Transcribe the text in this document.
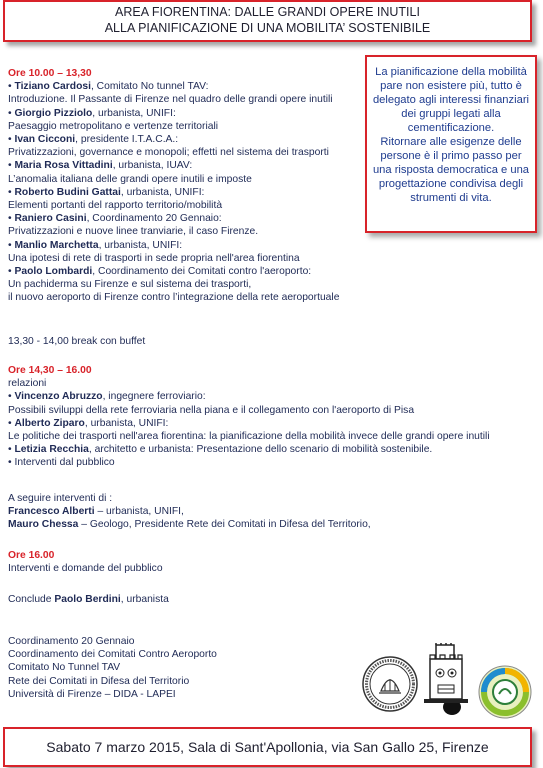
AREA FIORENTINA: DALLE GRANDI OPERE INUTILI
ALLA PIANIFICAZIONE DI UNA MOBILITA’ SOSTENIBILE

La pianificazione della mobilità pare non esistere più, tutto è delegato agli interessi finanziari dei gruppi legati alla cementificazione.

Ritornare alle esigenze delle persone è il primo passo per una risposta democratica e una progettazione condivisa degli strumenti di vita.

Ore 10.00 – 13,30
• Tiziano Cardosi, Comitato No tunnel TAV:
Introduzione. Il Passante di Firenze nel quadro delle grandi opere inutili
• Giorgio Pizziolo, urbanista, UNIFI:
Paesaggio metropolitano e vertenze territoriali
• Ivan Cicconi, presidente I.T.A.C.A.:
Privatizzazioni, governance e monopoli; effetti nel sistema dei trasporti
• Maria Rosa Vittadini, urbanista, IUAV:
L’anomalia italiana delle grandi opere inutili e imposte
• Roberto Budini Gattai, urbanista, UNIFI:
Elementi portanti del rapporto territorio/mobilità
• Raniero Casini, Coordinamento 20 Gennaio:
Privatizzazioni e nuove linee tranviarie, il caso Firenze.
• Manlio Marchetta, urbanista, UNIFI:
Una ipotesi di rete di trasporti in sede propria nell'area fiorentina
• Paolo Lombardi, Coordinamento dei Comitati contro l'aeroporto:
Un pachiderma su Firenze e sul sistema dei trasporti,
il nuovo aeroporto di Firenze contro l’integrazione della rete aeroportuale
13,30 - 14,00 break con buffet
Ore 14,30 – 16.00
relazioni
• Vincenzo Abruzzo, ingegnere ferroviario:
Possibili sviluppi della rete ferroviaria nella piana e il collegamento con l'aeroporto di Pisa
• Alberto Ziparo, urbanista, UNIFI:
Le politiche dei trasporti nell'area fiorentina: la pianificazione della mobilità invece delle grandi opere inutili
• Letizia Recchia, architetto e urbanista: Presentazione dello scenario di mobilità sostenibile.
• Interventi dal pubblico
A seguire interventi di :
Francesco Alberti – urbanista, UNIFI,
Mauro Chessa – Geologo, Presidente Rete dei Comitati in Difesa del Territorio,
Ore 16.00
Interventi e domande del pubblico
Conclude Paolo Berdini, urbanista
Coordinamento 20 Gennaio
Coordinamento dei Comitati Contro Aeroporto
Comitato No Tunnel TAV
Rete dei Comitati in Difesa del Territorio
Università di Firenze – DIDA - LAPEI
Sabato 7 marzo 2015, Sala di Sant'Apollonia, via San Gallo 25, Firenze
